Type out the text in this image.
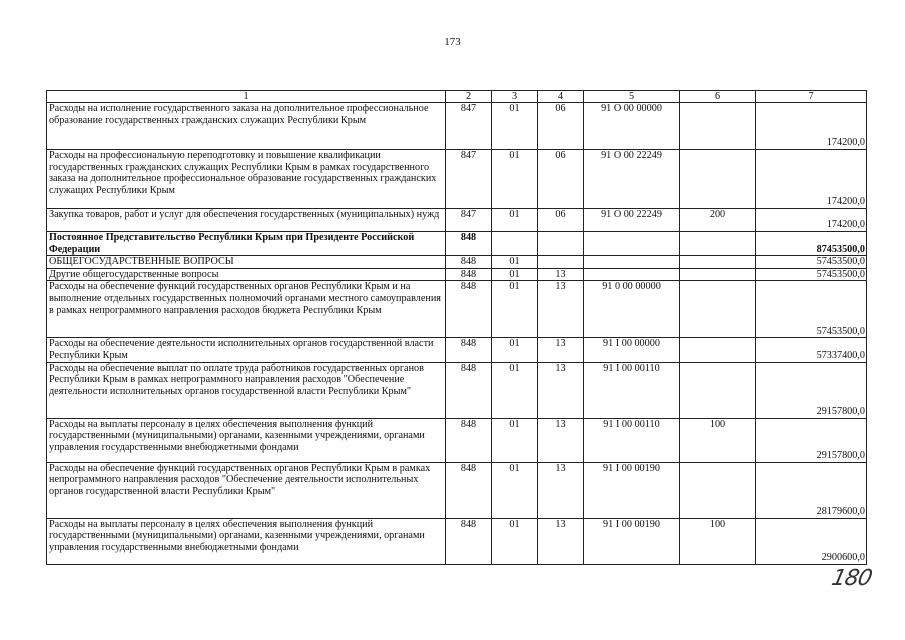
173
1	2	3	4	5	6	7
Расходы на исполнение государственного заказа на дополнительное профессиональное образование государственных гражданских служащих Республики Крым	847	01	06	91 О 00 00000		174200,0
Расходы на профессиональную переподготовку и повышение квалификации государственных гражданских служащих Республики Крым в рамках государственного заказа на дополнительное профессиональное образование государственных гражданских служащих Республики Крым	847	01	06	91 О 00 22249		174200,0
Закупка товаров, работ и услуг для обеспечения государственных (муниципальных) нужд	847	01	06	91 О 00 22249	200	174200,0
Постоянное Представительство Республики Крым при Президенте Российской Федерации	848					87453500,0
ОБЩЕГОСУДАРСТВЕННЫЕ ВОПРОСЫ	848	01				57453500,0
Другие общегосударственные вопросы	848	01	13			57453500,0
Расходы на обеспечение функций государственных органов Республики Крым и на выполнение отдельных государственных полномочий органами местного самоуправления в рамках непрограммного направления расходов бюджета Республики Крым	848	01	13	91 0 00 00000		57453500,0
Расходы на обеспечение деятельности исполнительных органов государственной власти Республики Крым	848	01	13	91 I 00 00000		57337400,0
Расходы на обеспечение выплат по оплате труда работников государственных органов Республики Крым в рамках непрограммного направления расходов "Обеспечение деятельности исполнительных органов государственной власти Республики Крым"	848	01	13	91 I 00 00110		29157800,0
Расходы на выплаты персоналу в целях обеспечения выполнения функций государственными (муниципальными) органами, казенными учреждениями, органами управления государственными внебюджетными фондами	848	01	13	91 I 00 00110	100	29157800,0
Расходы на обеспечение функций государственных органов Республики Крым в рамках непрограммного направления расходов "Обеспечение деятельности исполнительных органов государственной власти Республики Крым"	848	01	13	91 I 00 00190		28179600,0
Расходы на выплаты персоналу в целях обеспечения выполнения функций государственными (муниципальными) органами, казенными учреждениями, органами управления государственными внебюджетными фондами	848	01	13	91 I 00 00190	100	2900600,0
180
